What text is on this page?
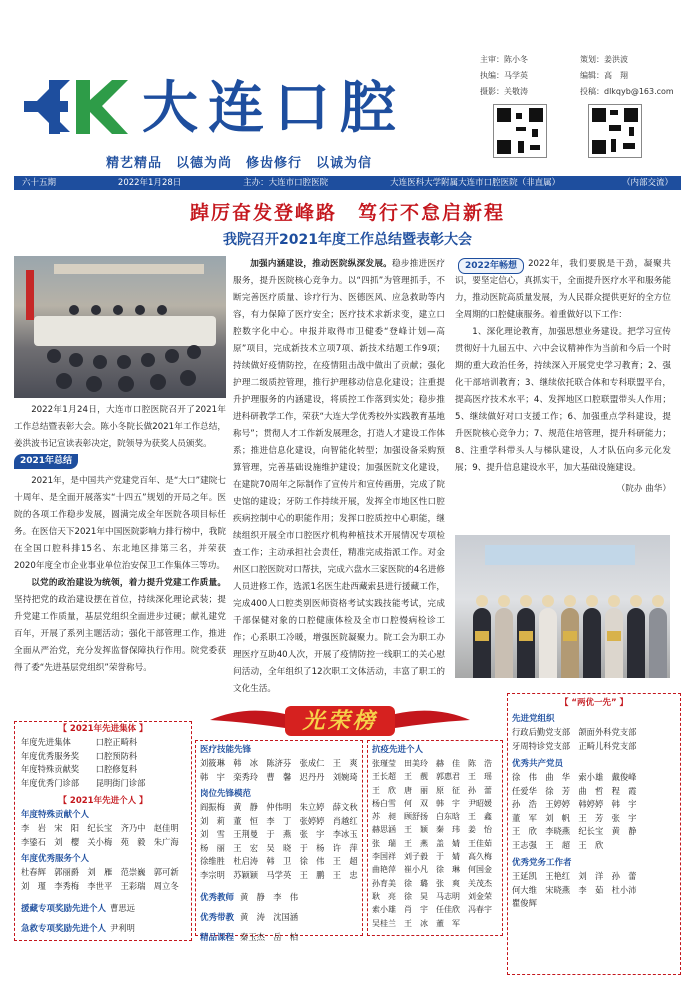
大连口腔
精艺精品　以德为尚　修齿修行　以诚为信
主审：陈小冬	策划：姜洪波
执编：马学英	编辑：高　翔
摄影：关敬涛	投稿：dlkqyb@163.com
六十五期	2022年1月28日	主办：大连市口腔医院	大连医科大学附属大连市口腔医院（非直属）	（内部交流）
踔厉奋发登峰路　笃行不怠启新程
我院召开2021年度工作总结暨表彰大会

2022年1月24日，大连市口腔医院召开了2021年工作总结暨表彰大会。陈小冬院长做2021年工作总结，姜洪波书记宣读表彰决定，院领导为获奖人员颁奖。

2021年总结

2021年，是中国共产党建党百年、是“大口”建院七十周年、是全面开展落实“十四五”规划的开局之年。医院的各项工作稳步发展，圆满完成全年医院各项目标任务。在医信天下2021年中国医院影响力排行榜中，我院在全国口腔科排15名、东北地区排第三名，并荣获2020年度全市企业事业单位治安保卫工作集体三等功。

以党的政治建设为统领，着力提升党建工作质量。坚持把党的政治建设摆在首位，持续深化理论武装；提升党建工作质量，基层党组织全面进步过硬；献礼建党百年，开展了系列主题活动；强化干部管理工作，推进全面从严治党，充分发挥监督保障执行作用。院党委获得了委“先进基层党组织”荣誉称号。

加强内涵建设，推动医院纵深发展。稳步推进医疗服务，提升医院核心竞争力。以“四抓”为管理抓手，不断完善医疗质量、诊疗行为、医德医风、应急救助等内容，有力保障了医疗安全；医疗技术求新求变，建立口腔数字化中心。申报并取得市卫健委“登峰计划—高原”项目，完成新技术立项7项、新技术结题工作9项；持续做好疫情防控，在疫情阻击战中做出了贡献；强化护理二级质控管理，推行护理移动信息化建设；注重提升护理服务的内涵建设，将质控工作落到实处；稳步推进科研教学工作，荣获“大连大学优秀校外实践教育基地称号”；贯彻人才工作新发展理念，打造人才建设工作体系；推进信息化建设，向智能化转型；加强设备采购预算管理，完善基础设施维护建设；加强医院文化建设，在建院70周年之际制作了宣传片和宣传画册，完成了院史馆的建设；牙防工作持续开展，发挥全市地区性口腔疾病控制中心的职能作用；发挥口腔质控中心职能，继续组织开展全市口腔医疗机构种植技术开展情况专项检查工作；主动承担社会责任，精准完成指派工作。对金州区口腔医院对口帮扶，完成六盘水三家医院的4名进修人员进修工作，选派1名医生赴西藏索县进行援藏工作，完成400人口腔类别医师资格考试实践技能考试，完成千部保健对象的口腔健康体检及全市口腔慢病检诊工作；心系职工冷暖，增强医院凝聚力。院工会为职工办理医疗互助40人次，开展了疫情防控一线职工的关心慰问活动，全年组织了12次职工文体活动，丰富了职工的文化生活。

2022年畅想	2022年，我们要脱是干劲，凝聚共识，要坚定信心，真抓实干，全面提升医疗水平和服务能力，推动医院高质量发展，为人民群众提供更好的全方位全周期的口腔健康服务。着重做好以下工作：

1、深化理论教育，加强思想业务建设。把学习宣传贯彻好十九届五中、六中会议精神作为当前和今后一个时期的重大政治任务，持续深入开展党史学习教育；2、强化干部培训教育；3、继续依托联合体和专科联盟平台，提高医疗技术水平；4、发挥地区口腔联盟带头人作用；5、继续做好对口支援工作；6、加强重点学科建设，提升医院核心竞争力；7、规范住培管理，提升科研能力；8、注重学科带头人与梯队建设，人才队伍向多元化发展；9、提升信息建设水平，加大基础设施建设。

（院办 曲华）
光荣榜
【 2021年先进集体 】
年度先进集体　　　口腔正畸科
年度优秀服务奖　　口腔预防科
年度特殊贡献奖　　口腔修复科
年度优秀门诊部　　昆明街门诊部
【 2021年先进个人 】
年度特殊贡献个人
李　岩　宋　阳　纪长宝　齐乃中　赵佳明
李鋈石　刘　樱　关小梅　苑　毅　朱广海
年度优秀服务个人
杜春辉　郭丽爵　刘　雁　范崇巍　郭可新
刘　瑾　李秀梅　李世平　王彩瑞　周立冬
援藏专项奖励先进个人 曹思远
急救专项奖励先进个人 尹利明
医疗技能先锋
刘筱琳　韩　冰　陈济芬　张成仁　王　爽
韩　宇　栾秀玲　曹　馨　迟丹丹　刘婉琦
岗位先锋模范
阎振梅　黄　静　仲伟明　朱立婷　薛文秋
刘　莉　董　恒　李　丁　张婷婷　肖越红
刘　雪　王荆曼　于　燕　张　宇　李冰玉
杨　丽　王　宏　吴　晓　于　杨　许　萍
徐维胜　杜启涛　韩　卫　徐　伟　王　超
李宗明　苏颖颖　马学英　王　鹏　王　忠
优秀教师 黄　静　李　伟
优秀带教 黄　涛　沈国涵
精品课程 秦玉杰　岳　柏
抗疫先进个人
张瑾莹　田美玲　赫　佳　陈　浩
王长超　王　靓　郭惠君　王　瑶
王　欣　唐　丽　原　征　孙　蕾
杨白雪　何　双　韩　宇　尹昭媛
苏　昶　顾舒扬　白东晗　王　鑫
赫思涵　王　颖　秦　玮　姜　怡
张　瑞　王　燕　盖　婧　王佳茹
李国祥　刘子毅　于　婧　高久梅
曲艳萍　崔小凡　徐　琳　何国金
孙育美　徐　璐　张　爽　关茂杰
耿　亮　徐　昊　马志明　刘金荣
索小雄　肖　宇　任佳欣　冯春宇
吴桂兰　王　冰　董　军
【 “两优一先” 】
先进党组织
行政后勤党支部　颌面外科党支部
牙周特诊党支部　正畸儿科党支部
优秀共产党员
徐　伟　曲　华　索小雄　戴俊峰
任爱华　徐　芳　曲　哲　程　霞
孙　浩　王婷婷　韩婷婷　韩　宇
董　军　刘　帆　王　芳　张　宇
王　欣　李晓燕　纪长宝　黄　静
王志强　王　超　王　欣
优秀党务工作者
王延凯　王艳红　刘　洋　孙　蕾
何大维　宋晓燕　李　茹　杜小沛
瞿俊辉
